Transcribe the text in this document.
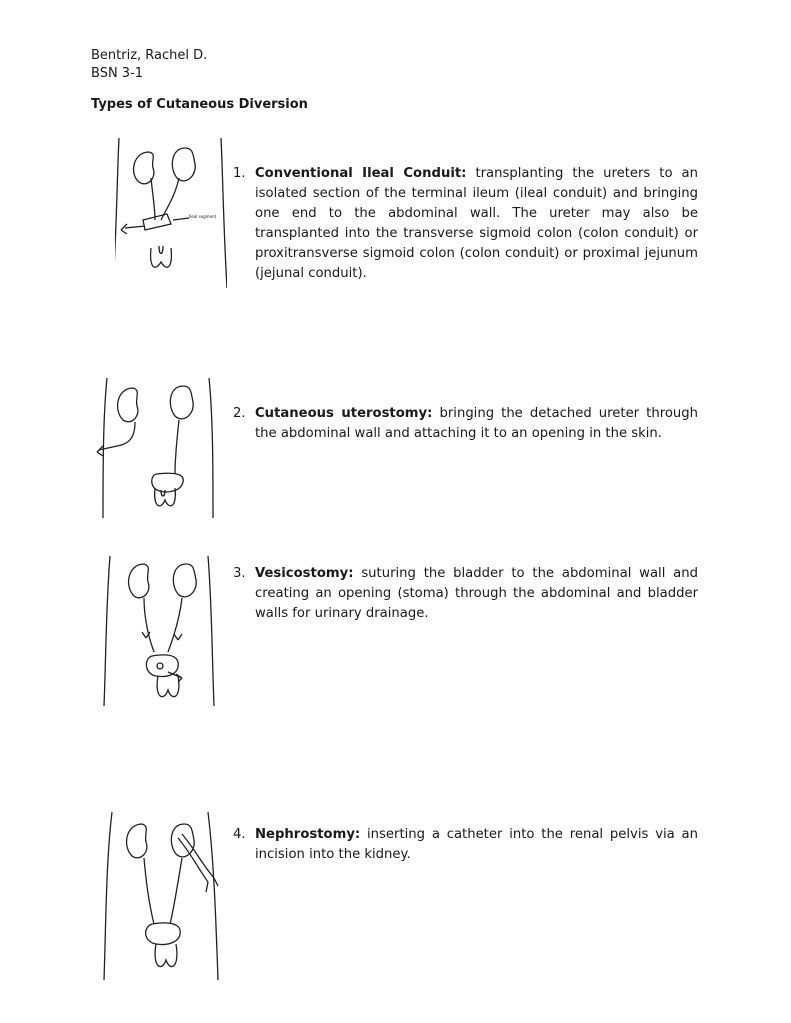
Bentriz, Rachel D.
BSN 3-1
Types of Cutaneous Diversion
Ileal segment
1. Conventional Ileal Conduit: transplanting the ureters to an isolated section of the terminal ileum (ileal conduit) and bringing one end to the abdominal wall. The ureter may also be transplanted into the transverse sigmoid colon (colon conduit) or proxitransverse sigmoid colon (colon conduit) or proximal jejunum (jejunal conduit).
2. Cutaneous uterostomy: bringing the detached ureter through the abdominal wall and attaching it to an opening in the skin.
3. Vesicostomy: suturing the bladder to the abdominal wall and creating an opening (stoma) through the abdominal and bladder walls for urinary drainage.
4. Nephrostomy: inserting a catheter into the renal pelvis via an incision into the kidney.
